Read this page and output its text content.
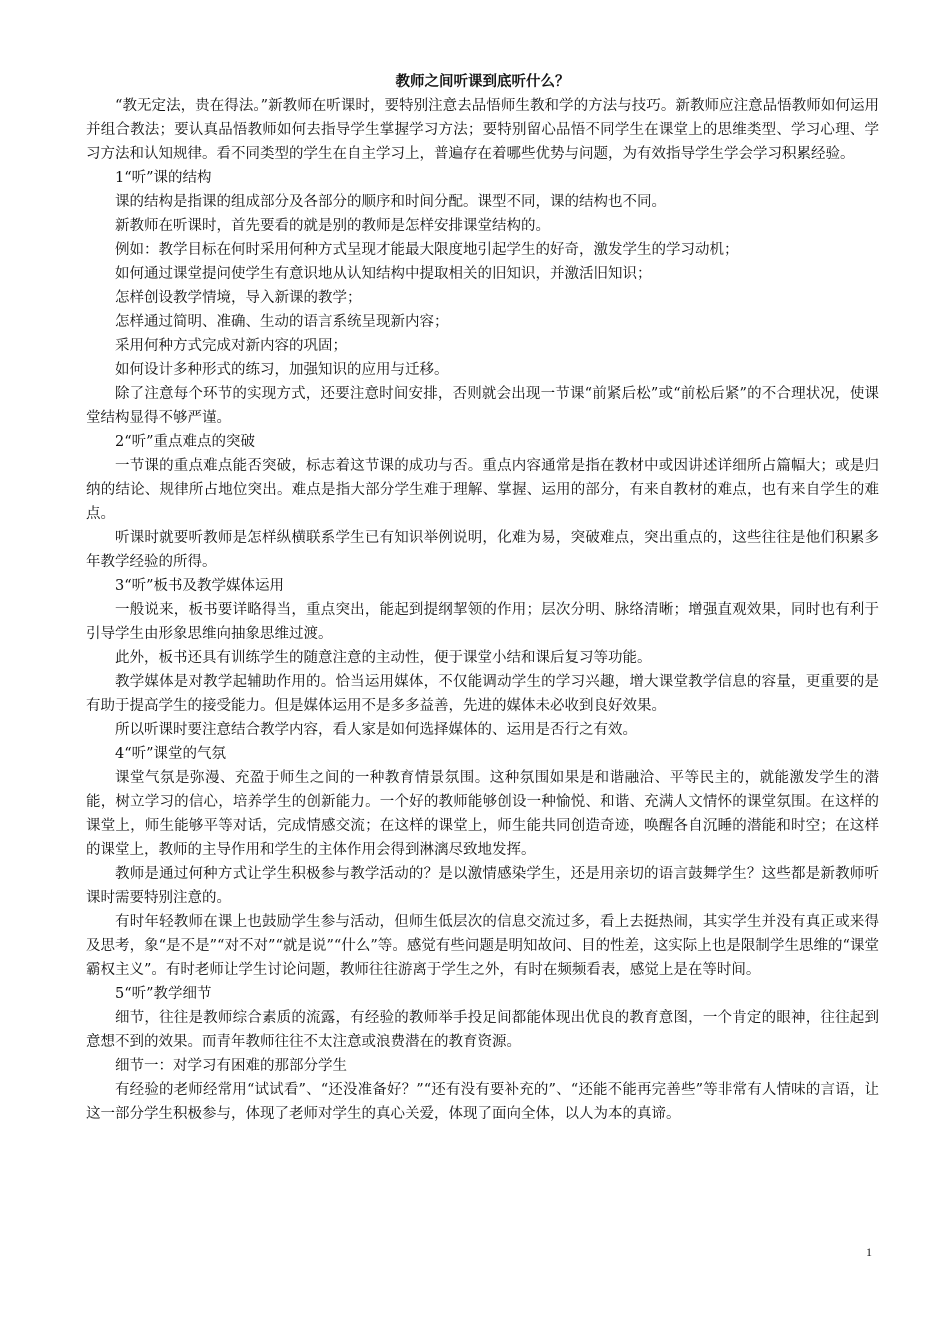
教师之间听课到底听什么？

“教无定法，贵在得法。”新教师在听课时，要特别注意去品悟师生教和学的方法与技巧。新教师应注意品悟教师如何运用并组合教法；要认真品悟教师如何去指导学生掌握学习方法；要特别留心品悟不同学生在课堂上的思维类型、学习心理、学习方法和认知规律。看不同类型的学生在自主学习上，普遍存在着哪些优势与问题，为有效指导学生学会学习积累经验。

1“听”课的结构

课的结构是指课的组成部分及各部分的顺序和时间分配。课型不同，课的结构也不同。

新教师在听课时，首先要看的就是别的教师是怎样安排课堂结构的。

例如：教学目标在何时采用何种方式呈现才能最大限度地引起学生的好奇，激发学生的学习动机；

如何通过课堂提问使学生有意识地从认知结构中提取相关的旧知识，并激活旧知识；

怎样创设教学情境，导入新课的教学；

怎样通过简明、准确、生动的语言系统呈现新内容；

采用何种方式完成对新内容的巩固；

如何设计多种形式的练习，加强知识的应用与迁移。

除了注意每个环节的实现方式，还要注意时间安排，否则就会出现一节课“前紧后松”或“前松后紧”的不合理状况，使课堂结构显得不够严谨。

2“听”重点难点的突破

一节课的重点难点能否突破，标志着这节课的成功与否。重点内容通常是指在教材中或因讲述详细所占篇幅大；或是归纳的结论、规律所占地位突出。难点是指大部分学生难于理解、掌握、运用的部分，有来自教材的难点，也有来自学生的难点。

听课时就要听教师是怎样纵横联系学生已有知识举例说明，化难为易，突破难点，突出重点的，这些往往是他们积累多年教学经验的所得。

3“听”板书及教学媒体运用

一般说来，板书要详略得当，重点突出，能起到提纲挈领的作用；层次分明、脉络清晰；增强直观效果，同时也有利于引导学生由形象思维向抽象思维过渡。

此外，板书还具有训练学生的随意注意的主动性，便于课堂小结和课后复习等功能。

教学媒体是对教学起辅助作用的。恰当运用媒体，不仅能调动学生的学习兴趣，增大课堂教学信息的容量，更重要的是有助于提高学生的接受能力。但是媒体运用不是多多益善，先进的媒体未必收到良好效果。

所以听课时要注意结合教学内容，看人家是如何选择媒体的、运用是否行之有效。

4“听”课堂的气氛

课堂气氛是弥漫、充盈于师生之间的一种教育情景氛围。这种氛围如果是和谐融洽、平等民主的，就能激发学生的潜能，树立学习的信心，培养学生的创新能力。一个好的教师能够创设一种愉悦、和谐、充满人文情怀的课堂氛围。在这样的课堂上，师生能够平等对话，完成情感交流；在这样的课堂上，师生能共同创造奇迹，唤醒各自沉睡的潜能和时空；在这样的课堂上，教师的主导作用和学生的主体作用会得到淋漓尽致地发挥。

教师是通过何种方式让学生积极参与教学活动的？是以激情感染学生，还是用亲切的语言鼓舞学生？这些都是新教师听课时需要特别注意的。

有时年轻教师在课上也鼓励学生参与活动，但师生低层次的信息交流过多，看上去挺热闹，其实学生并没有真正或来得及思考，象“是不是”“对不对”“就是说”“什么”等。感觉有些问题是明知故问、目的性差，这实际上也是限制学生思维的“课堂霸权主义”。有时老师让学生讨论问题，教师往往游离于学生之外，有时在频频看表，感觉上是在等时间。

5“听”教学细节

细节，往往是教师综合素质的流露，有经验的教师举手投足间都能体现出优良的教育意图，一个肯定的眼神，往往起到意想不到的效果。而青年教师往往不太注意或浪费潜在的教育资源。

细节一：对学习有困难的那部分学生

有经验的老师经常用“试试看”、“还没准备好？”“还有没有要补充的”、“还能不能再完善些”等非常有人情味的言语，让这一部分学生积极参与，体现了老师对学生的真心关爱，体现了面向全体，以人为本的真谛。

1
